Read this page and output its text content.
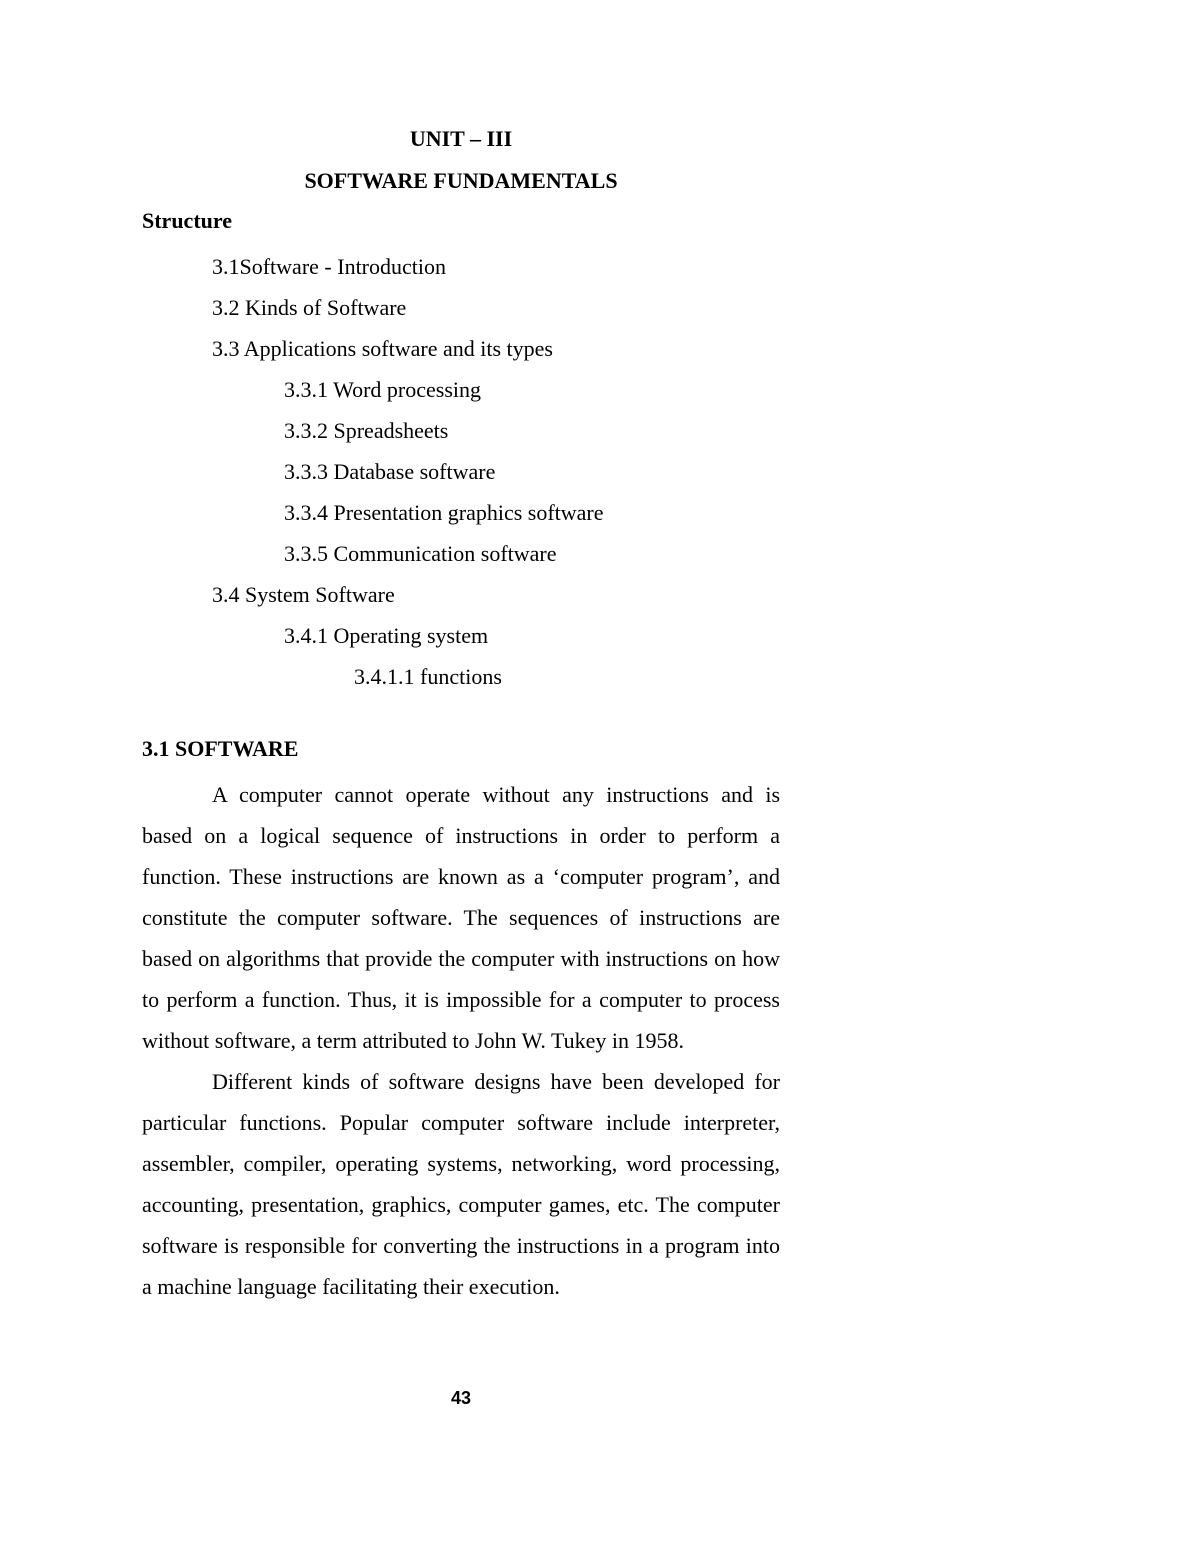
UNIT – III
SOFTWARE FUNDAMENTALS
Structure
3.1Software - Introduction
3.2 Kinds of Software
3.3 Applications software and its types
3.3.1 Word processing
3.3.2 Spreadsheets
3.3.3 Database software
3.3.4 Presentation graphics software
3.3.5 Communication software
3.4 System Software
3.4.1 Operating system
3.4.1.1 functions
3.1 SOFTWARE

A computer cannot operate without any instructions and is based on a logical sequence of instructions in order to perform a function. These instructions are known as a ‘computer program’, and constitute the computer software. The sequences of instructions are based on algorithms that provide the computer with instructions on how to perform a function. Thus, it is impossible for a computer to process without software, a term attributed to John W. Tukey in 1958.

Different kinds of software designs have been developed for particular functions. Popular computer software include interpreter, assembler, compiler, operating systems, networking, word processing, accounting, presentation, graphics, computer games, etc. The computer software is responsible for converting the instructions in a program into a machine language facilitating their execution.

43
